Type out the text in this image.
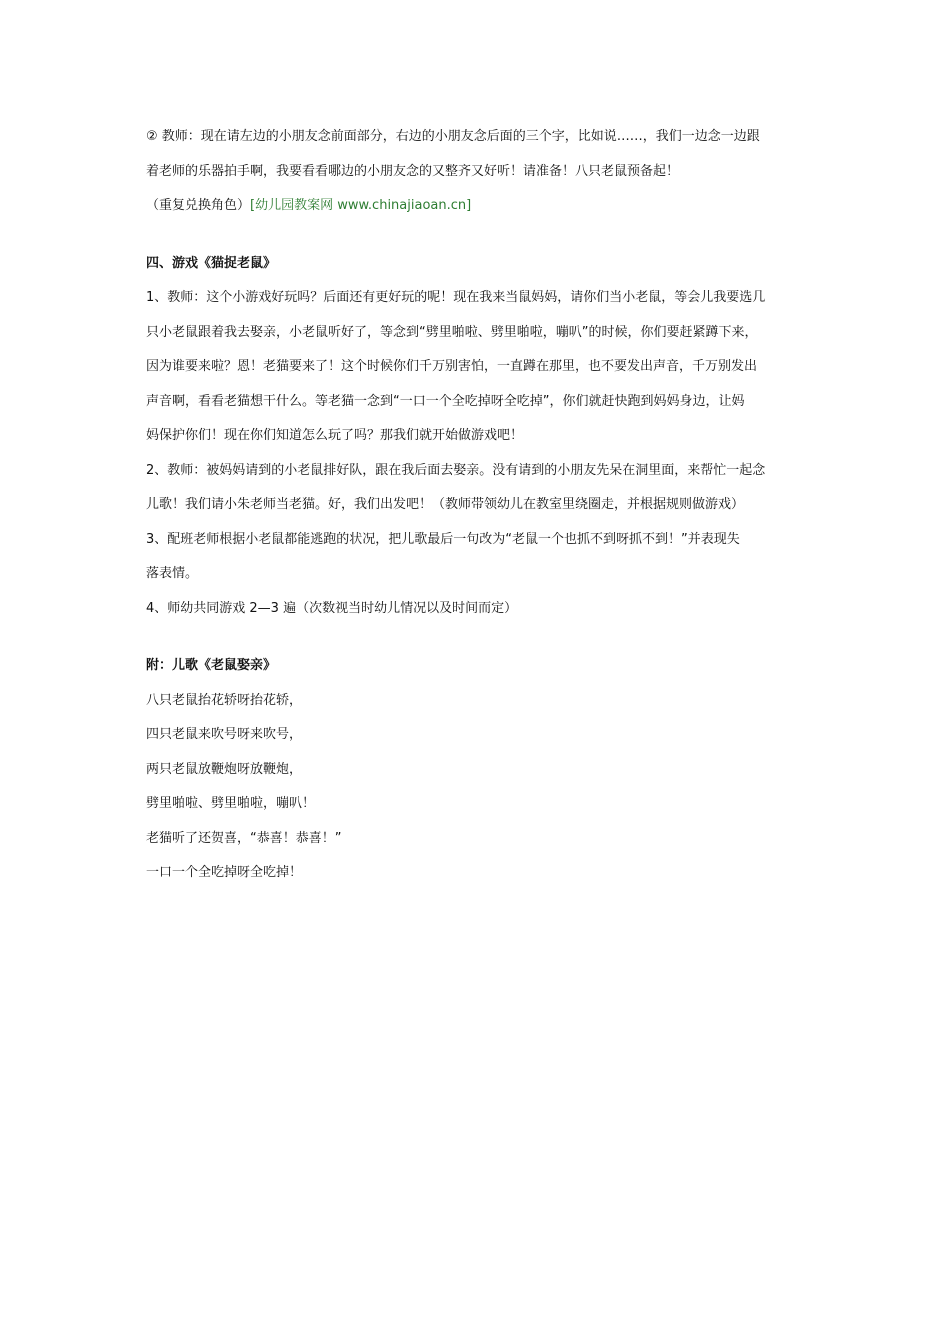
② 教师：现在请左边的小朋友念前面部分，右边的小朋友念后面的三个字，比如说……，我们一边念一边跟

着老师的乐器拍手啊，我要看看哪边的小朋友念的又整齐又好听！请准备！八只老鼠预备起！

（重复兑换角色）[幼儿园教案网 www.chinajiaoan.cn]

四、游戏《猫捉老鼠》

1、教师：这个小游戏好玩吗？后面还有更好玩的呢！现在我来当鼠妈妈，请你们当小老鼠，等会儿我要选几

只小老鼠跟着我去娶亲，小老鼠听好了，等念到“劈里啪啦、劈里啪啦，嘣叭”的时候，你们要赶紧蹲下来，

因为谁要来啦？恩！老猫要来了！这个时候你们千万别害怕，一直蹲在那里，也不要发出声音，千万别发出

声音啊，看看老猫想干什么。等老猫一念到“一口一个全吃掉呀全吃掉”，你们就赶快跑到妈妈身边，让妈

妈保护你们！现在你们知道怎么玩了吗？那我们就开始做游戏吧！

2、教师：被妈妈请到的小老鼠排好队，跟在我后面去娶亲。没有请到的小朋友先呆在洞里面，来帮忙一起念

儿歌！我们请小朱老师当老猫。好，我们出发吧！（教师带领幼儿在教室里绕圈走，并根据规则做游戏）

3、配班老师根据小老鼠都能逃跑的状况，把儿歌最后一句改为“老鼠一个也抓不到呀抓不到！”并表现失

落表情。

4、师幼共同游戏 2—3 遍（次数视当时幼儿情况以及时间而定）

附：儿歌《老鼠娶亲》

八只老鼠抬花轿呀抬花轿，

四只老鼠来吹号呀来吹号，

两只老鼠放鞭炮呀放鞭炮，

劈里啪啦、劈里啪啦，嘣叭！

老猫听了还贺喜，“恭喜！恭喜！”

一口一个全吃掉呀全吃掉！
